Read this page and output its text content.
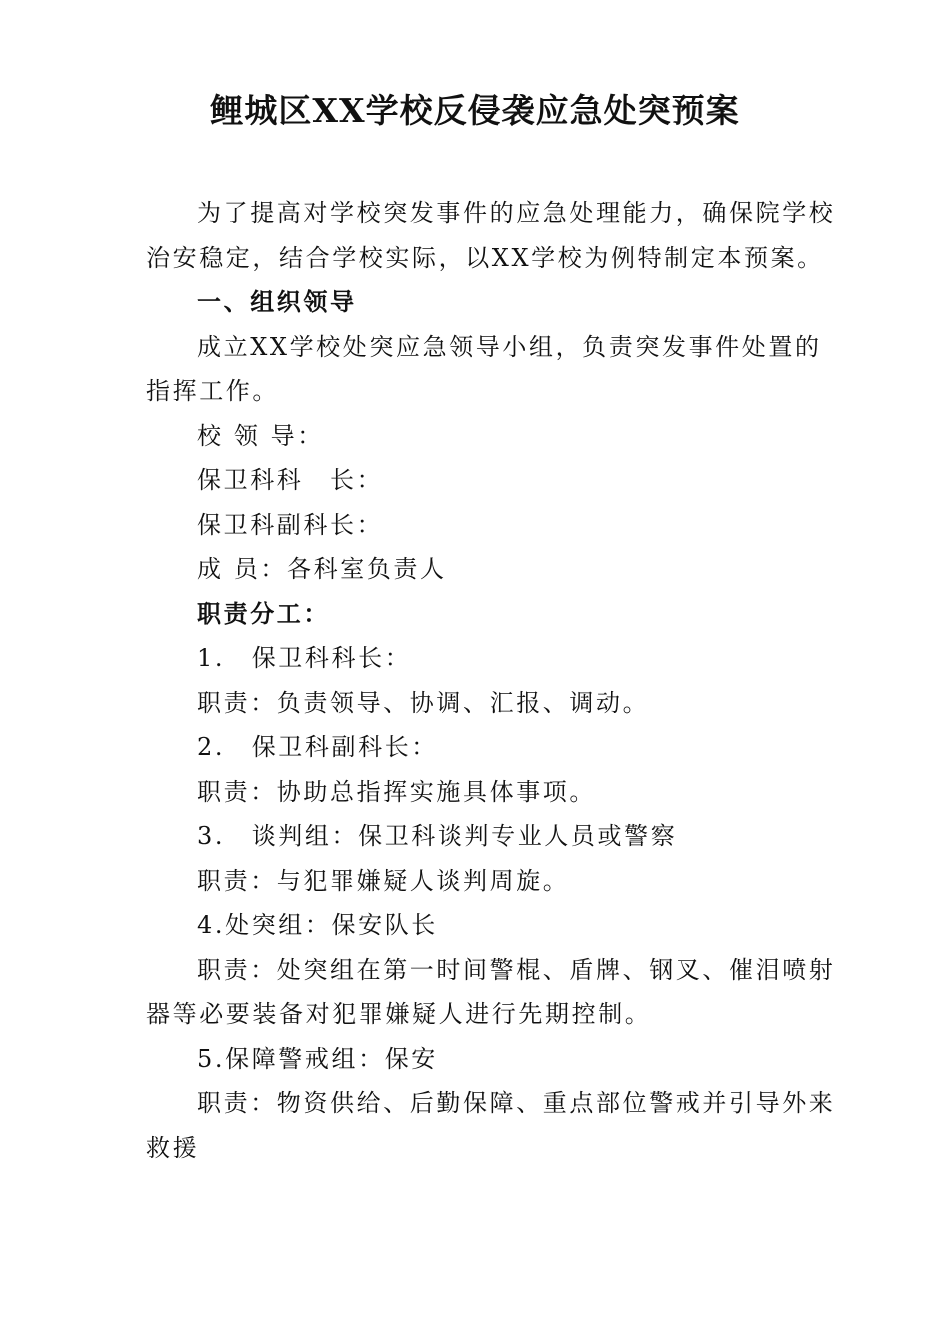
鲤城区XX学校反侵袭应急处突预案

为了提高对学校突发事件的应急处理能力，确保院学校

治安稳定，结合学校实际，以XX学校为例特制定本预案。

一、组织领导

成立XX学校处突应急领导小组，负责突发事件处置的

指挥工作。

校 领 导：

保卫科科　长：

保卫科副科长：

成 员：各科室负责人

职责分工：

1.　保卫科科长：

职责：负责领导、协调、汇报、调动。

2.　保卫科副科长：

职责：协助总指挥实施具体事项。

3.　谈判组：保卫科谈判专业人员或警察

职责：与犯罪嫌疑人谈判周旋。

4.处突组：保安队长

职责：处突组在第一时间警棍、盾牌、钢叉、催泪喷射

器等必要装备对犯罪嫌疑人进行先期控制。

5.保障警戒组：保安

职责：物资供给、后勤保障、重点部位警戒并引导外来

救援
